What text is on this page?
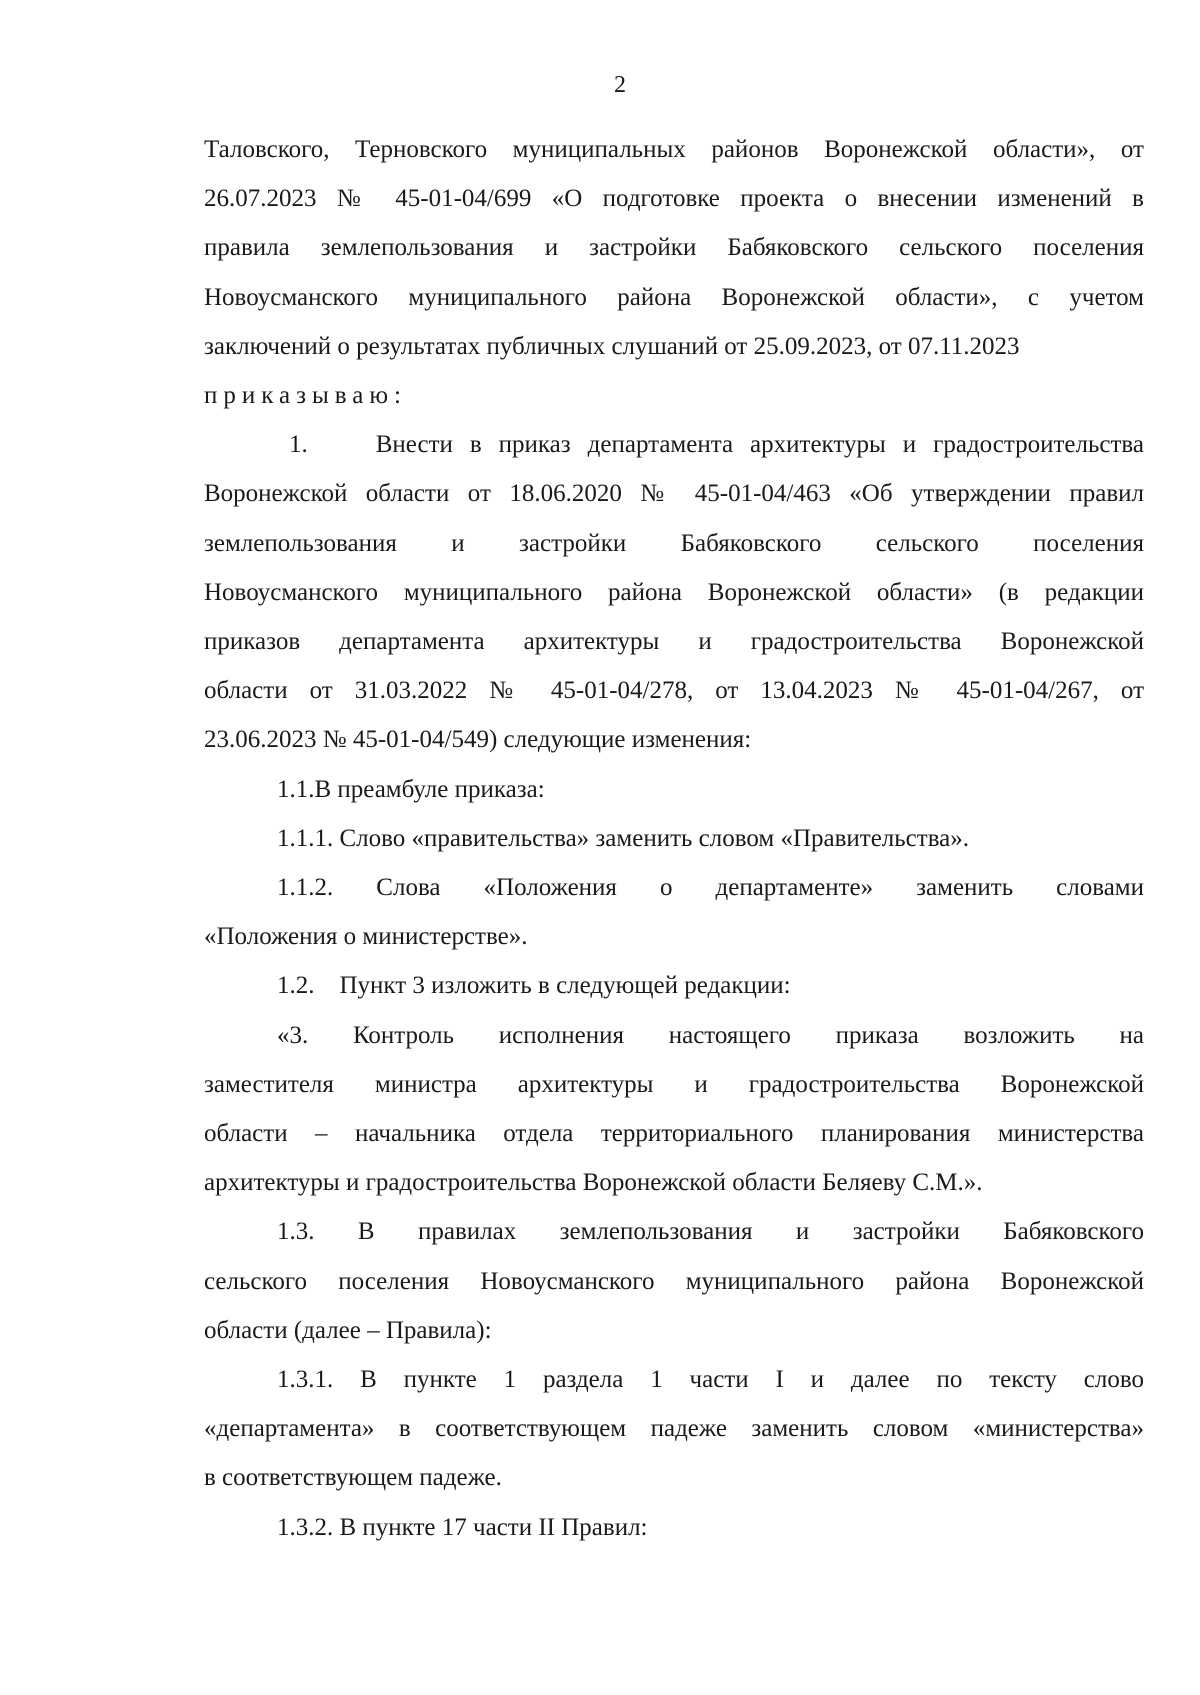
2

Таловского, Терновского муниципальных районов Воронежской области», от

26.07.2023 № 45-01-04/699 «О подготовке проекта о внесении изменений в

правила землепользования и застройки Бабяковского сельского поселения

Новоусманского муниципального района Воронежской области», с учетом

заключений о результатах публичных слушаний от 25.09.2023, от 07.11.2023

приказываю:

1.    Внести в приказ департамента архитектуры и градостроительства

Воронежской области от 18.06.2020 № 45-01-04/463 «Об утверждении правил

землепользования и застройки Бабяковского сельского поселения

Новоусманского муниципального района Воронежской области» (в редакции

приказов департамента архитектуры и градостроительства Воронежской

области от 31.03.2022 № 45-01-04/278, от 13.04.2023 № 45-01-04/267, от

23.06.2023 № 45-01-04/549) следующие изменения:

1.1.В преамбуле приказа:

1.1.1. Слово «правительства» заменить словом «Правительства».

1.1.2. Слова «Положения о департаменте» заменить словами

«Положения о министерстве».

1.2.    Пункт 3 изложить в следующей редакции:

«3. Контроль исполнения настоящего приказа возложить на

заместителя министра архитектуры и градостроительства Воронежской

области – начальника отдела территориального планирования министерства

архитектуры и градостроительства Воронежской области Беляеву С.М.».

1.3. В правилах землепользования и застройки Бабяковского

сельского поселения Новоусманского муниципального района Воронежской

области (далее – Правила):

1.3.1. В пункте 1 раздела 1 части I и далее по тексту слово

«департамента» в соответствующем падеже заменить словом «министерства»

в соответствующем падеже.

1.3.2. В пункте 17 части II Правил:
